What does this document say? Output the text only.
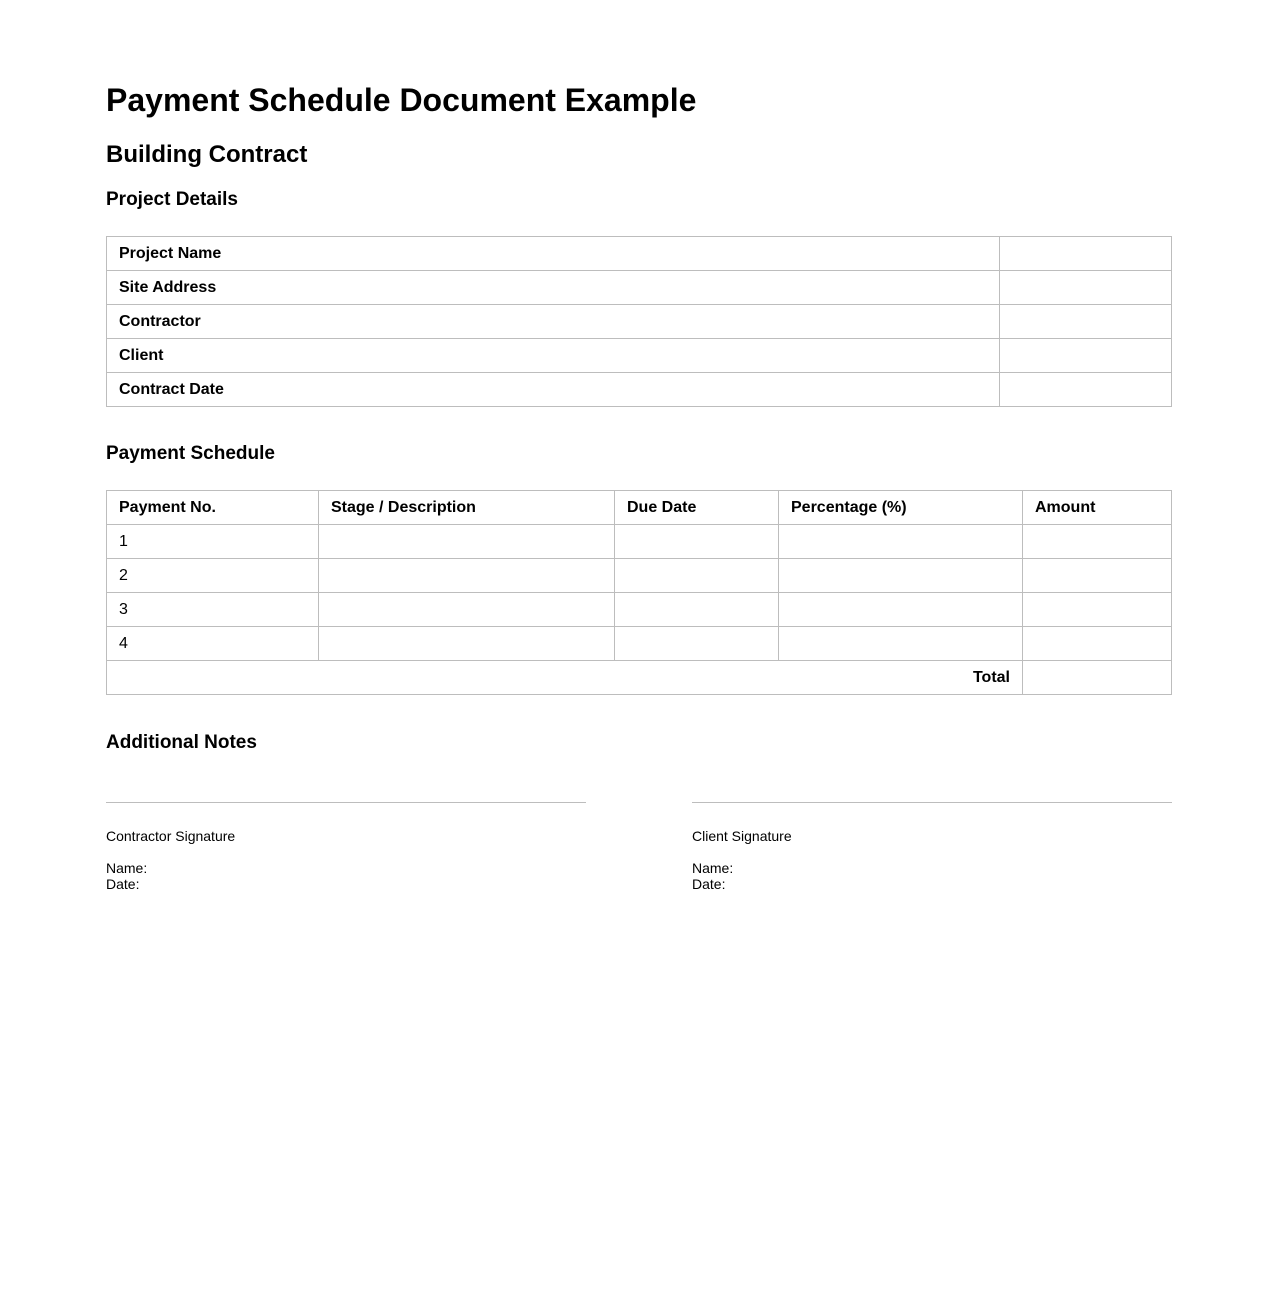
Payment Schedule Document Example
Building Contract
Project Details
Project Name	
Site Address	
Contractor	
Client	
Contract Date	
Payment Schedule
Payment No.	Stage / Description	Due Date	Percentage (%)	Amount
1				
2				
3				
4				
Total				
Additional Notes
Contractor Signature
Name:
Date:
Client Signature
Name:
Date:
